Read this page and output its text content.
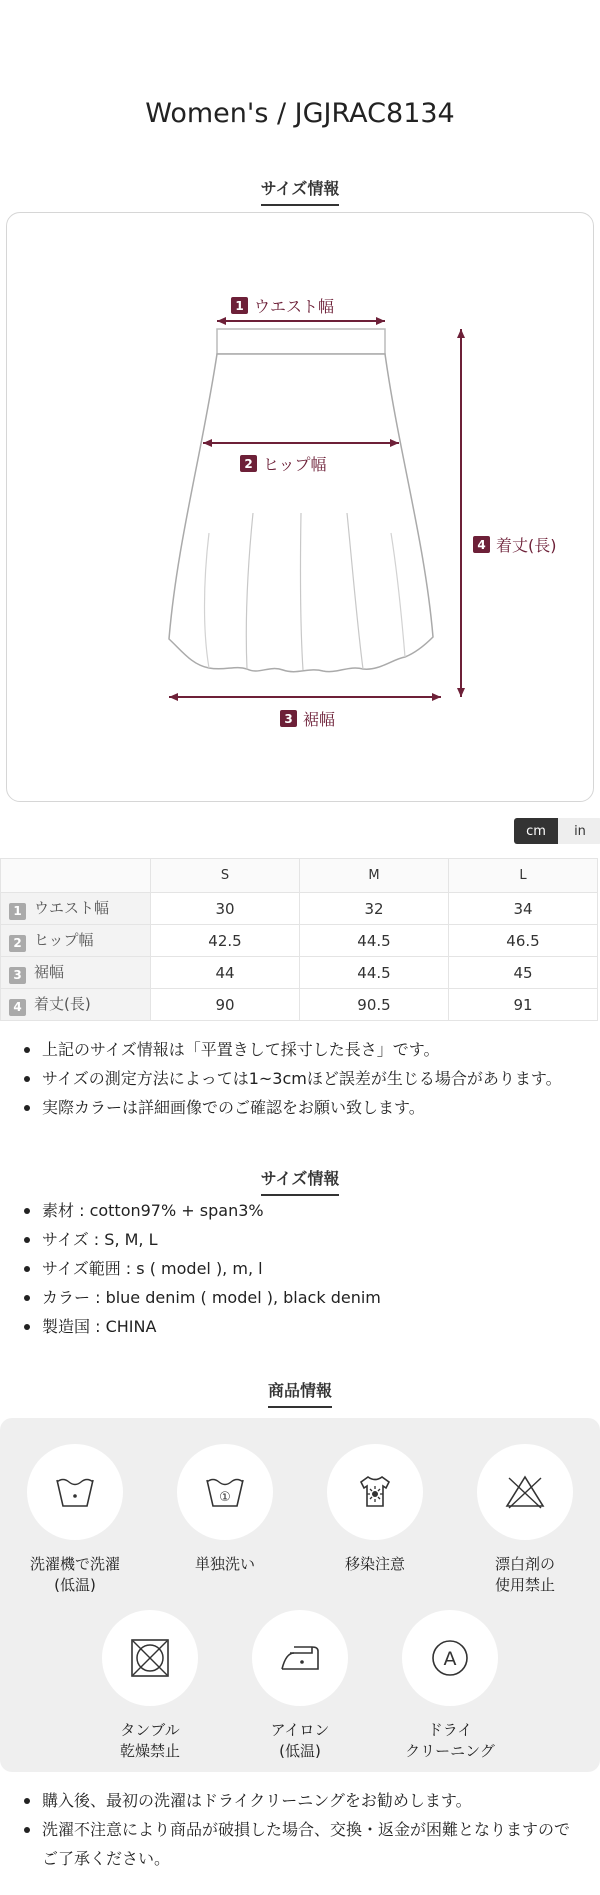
Women's / JGJRAC8134
サイズ情報
1 ウエスト幅
2 ヒップ幅
3 裾幅
4 着丈(長)
cm	in
	S	M	L
1 ウエスト幅	30	32	34
2 ヒップ幅	42.5	44.5	46.5
3 裾幅	44	44.5	45
4 着丈(長)	90	90.5	91
上記のサイズ情報は「平置きして採寸した長さ」です。
サイズの測定方法によっては1~3cmほど誤差が生じる場合があります。
実際カラーは詳細画像でのご確認をお願い致します。
サイズ情報
素材 : cotton97% + span3%
サイズ : S, M, L
サイズ範囲 : s ( model ), m, l
カラー : blue denim ( model ), black denim
製造国 : CHINA
商品情報
洗濯機で洗濯
(低温)
①
単独洗い	移染注意	漂白剤の
使用禁止
タンブル
乾燥禁止
アイロン
(低温)
A
ドライ
クリーニング
購入後、最初の洗濯はドライクリーニングをお勧めします。
洗濯不注意により商品が破損した場合、交換・返金が困難となりますので
ご了承ください。
